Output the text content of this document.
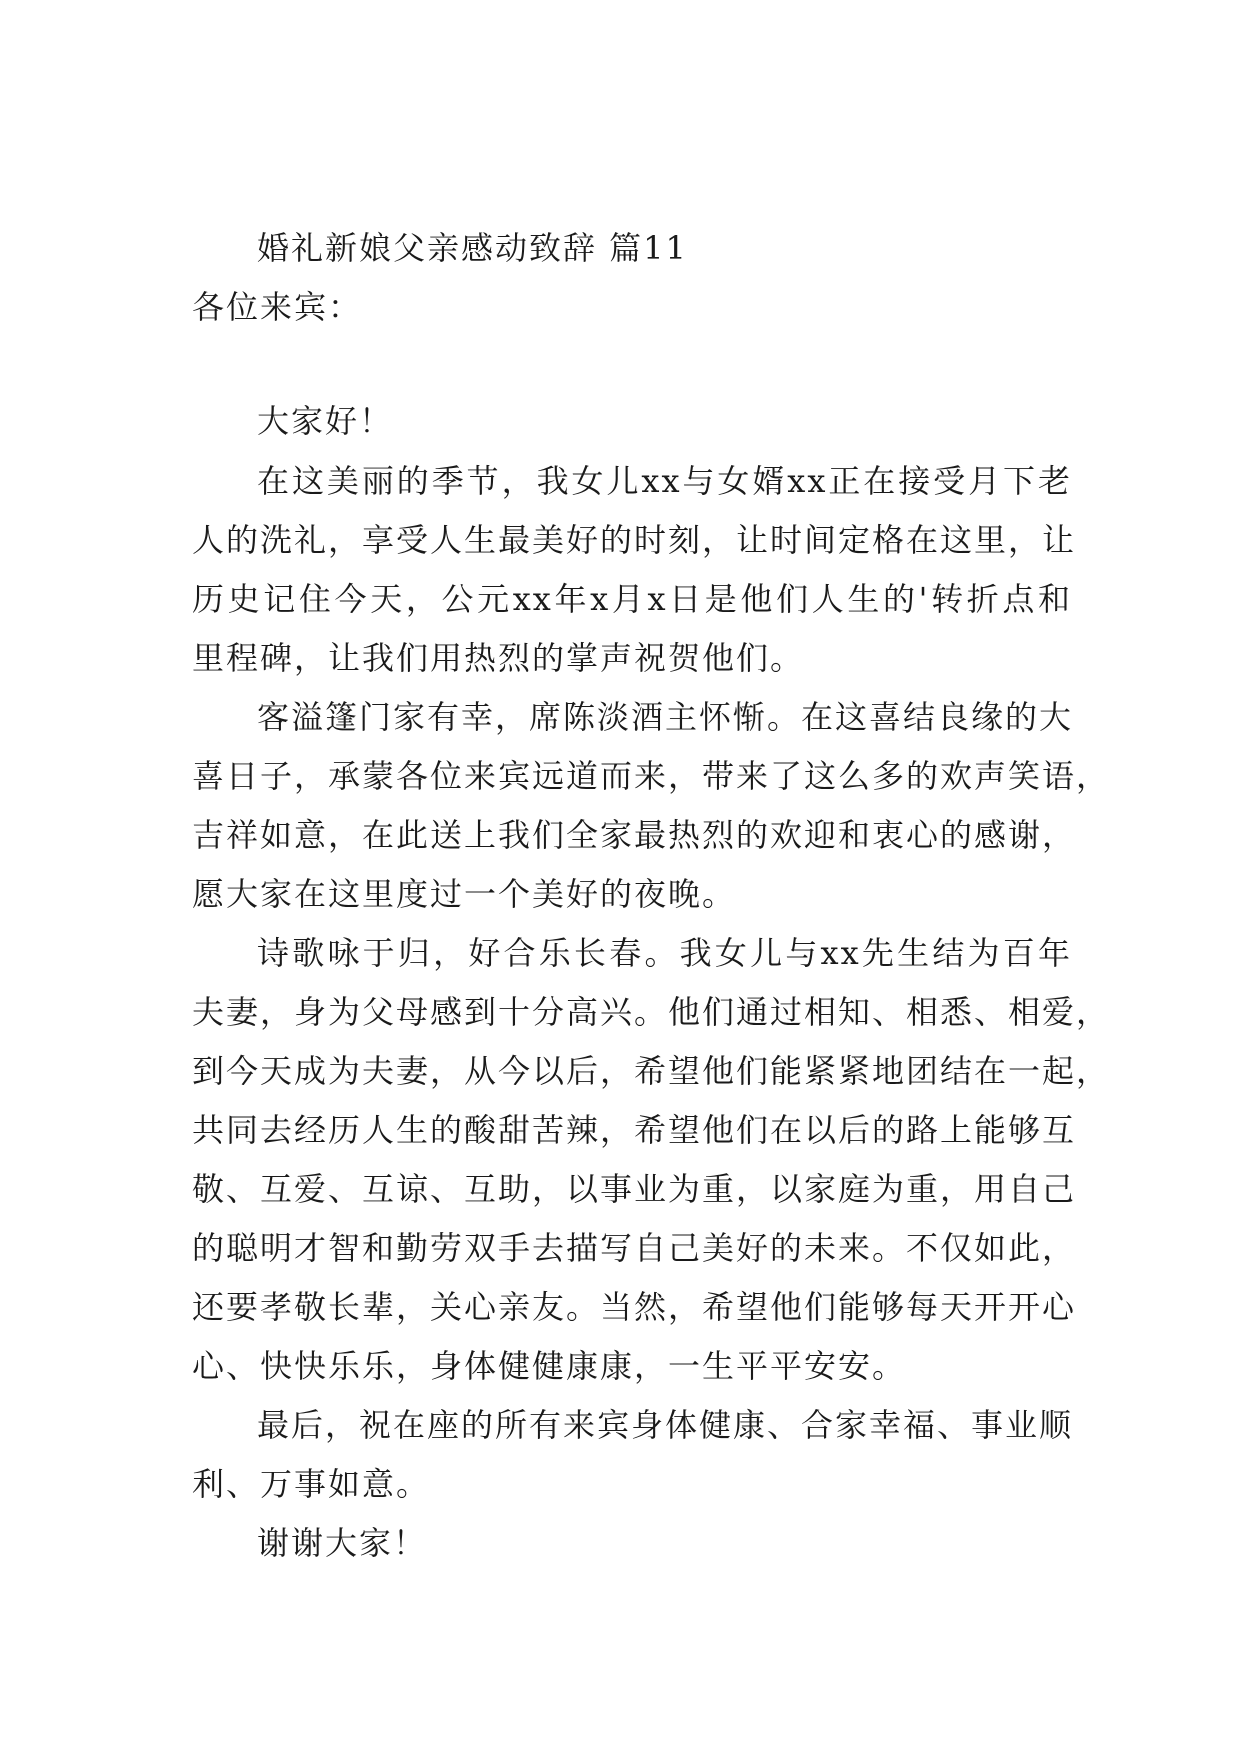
婚礼新娘父亲感动致辞 篇11
各位来宾：
大家好！
在这美丽的季节，我女儿xx与女婿xx正在接受月下老
人的洗礼，享受人生最美好的时刻，让时间定格在这里，让
历史记住今天，公元xx年x月x日是他们人生的'转折点和
里程碑，让我们用热烈的掌声祝贺他们。
客溢篷门家有幸，席陈淡酒主怀惭。在这喜结良缘的大
喜日子，承蒙各位来宾远道而来，带来了这么多的欢声笑语，
吉祥如意，在此送上我们全家最热烈的欢迎和衷心的感谢，
愿大家在这里度过一个美好的夜晚。
诗歌咏于归，好合乐长春。我女儿与xx先生结为百年
夫妻，身为父母感到十分高兴。他们通过相知、相悉、相爱，
到今天成为夫妻，从今以后，希望他们能紧紧地团结在一起，
共同去经历人生的酸甜苦辣，希望他们在以后的路上能够互
敬、互爱、互谅、互助，以事业为重，以家庭为重，用自己
的聪明才智和勤劳双手去描写自己美好的未来。不仅如此，
还要孝敬长辈，关心亲友。当然，希望他们能够每天开开心
心、快快乐乐，身体健健康康，一生平平安安。
最后，祝在座的所有来宾身体健康、合家幸福、事业顺
利、万事如意。
谢谢大家！
